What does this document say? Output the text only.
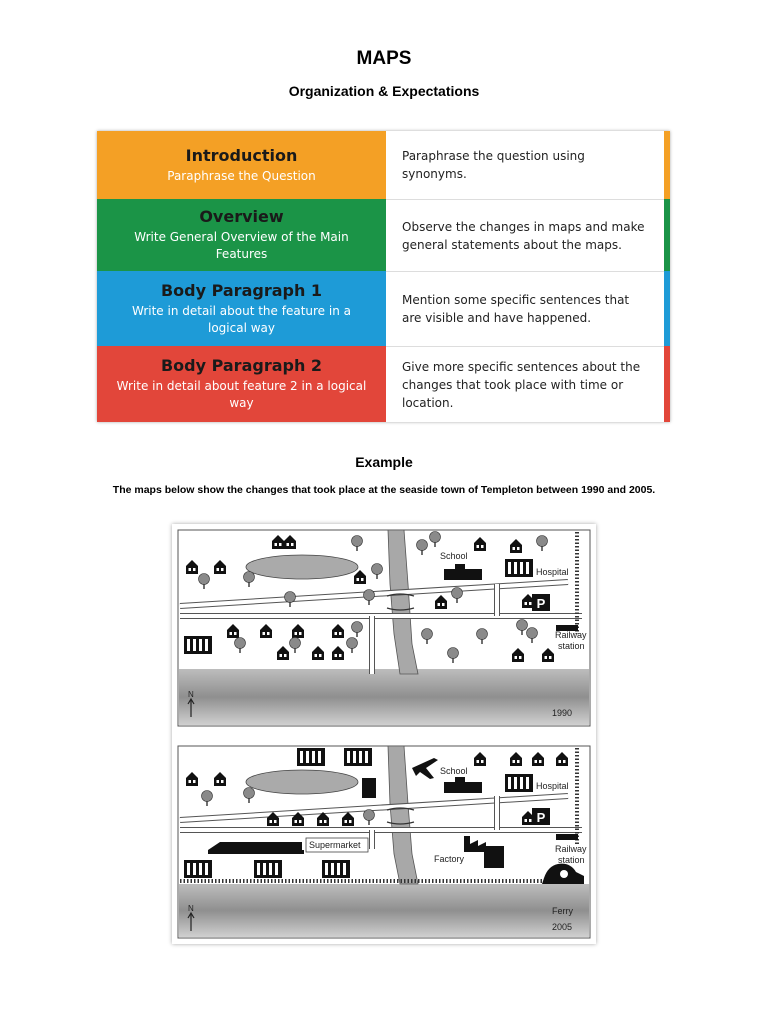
MAPS
Organization & Expectations
Introduction
Paraphrase the Question
Paraphrase the question using synonyms.
Overview
Write General Overview of the Main Features
Observe the changes in maps and make general statements about the maps.
Body Paragraph 1
Write in detail about the feature in a logical way
Mention some specific sentences that are visible and have happened.
Body Paragraph 2
Write in detail about feature 2 in a logical way
Give more specific sentences about the changes that took place with time or location.
Example
The maps below show the changes that took place at the seaside town of Templeton between 1990 and 2005.
P
School
Hospital
Railway
station
N
1990
P
School
Hospital
Supermarket
Factory
Railway
station
Ferry
N
2005
